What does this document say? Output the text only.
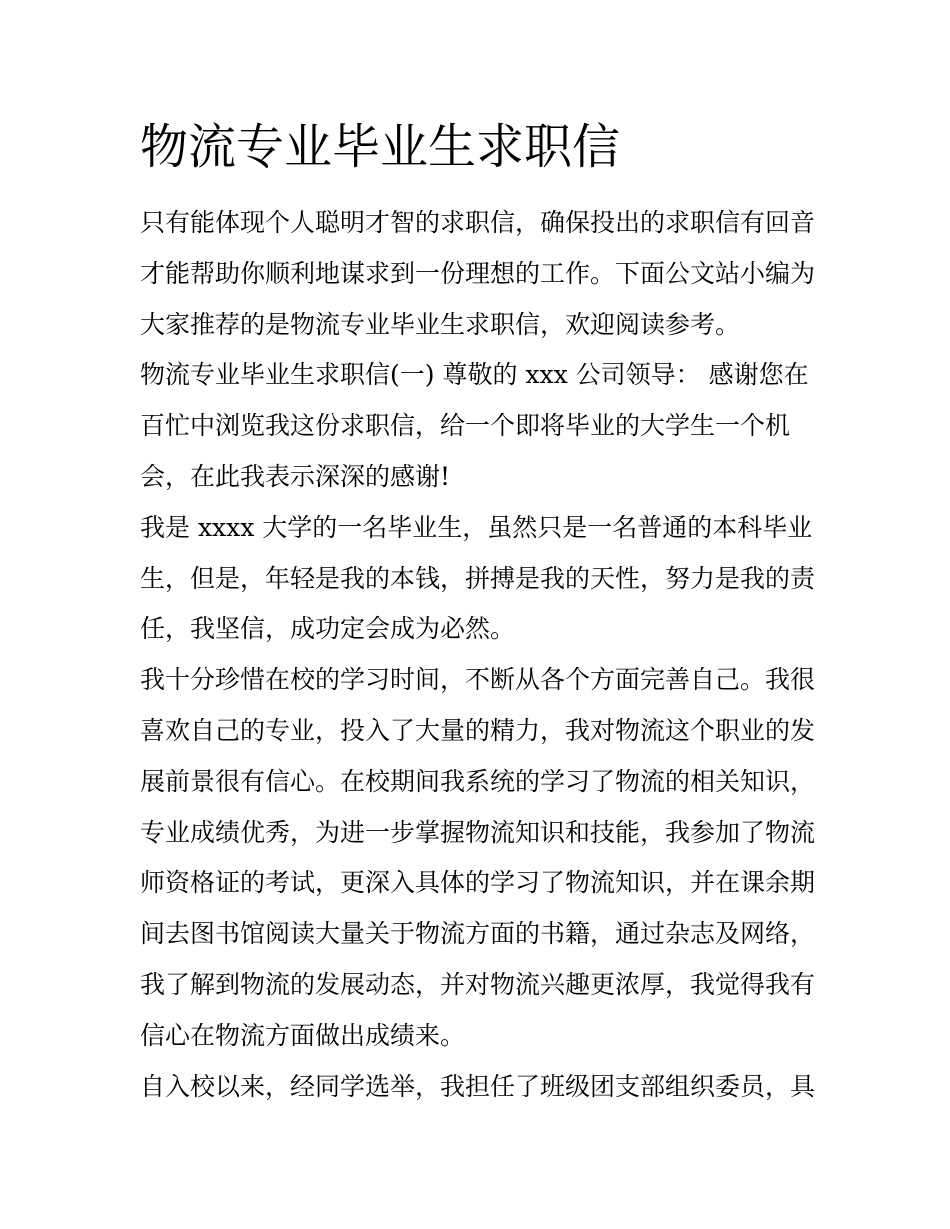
物流专业毕业生求职信

只有能体现个人聪明才智的求职信，确保投出的求职信有回音
才能帮助你顺利地谋求到一份理想的工作。下面公文站小编为
大家推荐的是物流专业毕业生求职信，欢迎阅读参考。

物流专业毕业生求职信(一) 尊敬的 xxx 公司领导： 感谢您在
百忙中浏览我这份求职信，给一个即将毕业的大学生一个机
会，在此我表示深深的感谢!

我是 xxxx 大学的一名毕业生，虽然只是一名普通的本科毕业
生，但是，年轻是我的本钱，拼搏是我的天性，努力是我的责
任，我坚信，成功定会成为必然。

我十分珍惜在校的学习时间，不断从各个方面完善自己。我很
喜欢自己的专业，投入了大量的精力，我对物流这个职业的发
展前景很有信心。在校期间我系统的学习了物流的相关知识，
专业成绩优秀，为进一步掌握物流知识和技能，我参加了物流
师资格证的考试，更深入具体的学习了物流知识，并在课余期
间去图书馆阅读大量关于物流方面的书籍，通过杂志及网络，
我了解到物流的发展动态，并对物流兴趣更浓厚，我觉得我有
信心在物流方面做出成绩来。

自入校以来，经同学选举，我担任了班级团支部组织委员，具
